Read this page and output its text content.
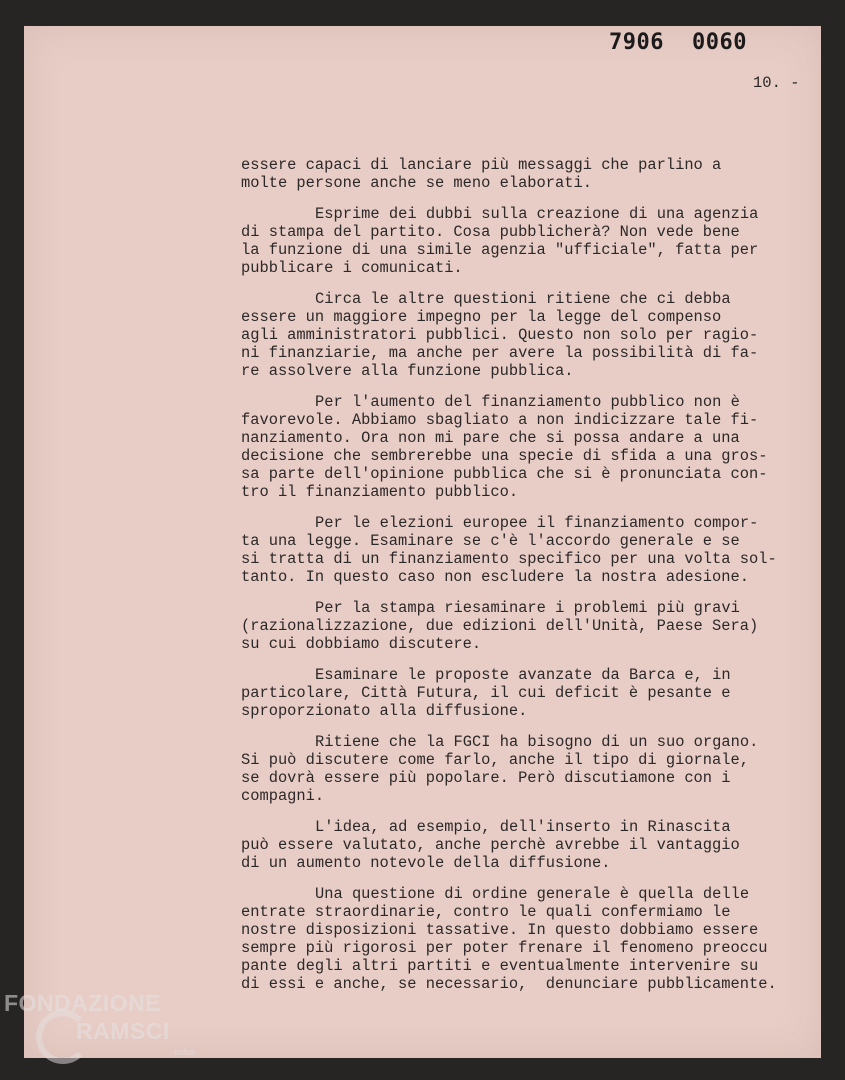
7906 0060
10. -
essere capaci di lanciare più messaggi che parlino a
molte persone anche se meno elaborati.
Esprime dei dubbi sulla creazione di una agenzia
di stampa del partito. Cosa pubblicherà? Non vede bene
la funzione di una simile agenzia "ufficiale", fatta per
pubblicare i comunicati.
Circa le altre questioni ritiene che ci debba
essere un maggiore impegno per la legge del compenso
agli amministratori pubblici. Questo non solo per ragio-
ni finanziarie, ma anche per avere la possibilità di fa-
re assolvere alla funzione pubblica.
Per l'aumento del finanziamento pubblico non è
favorevole. Abbiamo sbagliato a non indicizzare tale fi-
nanziamento. Ora non mi pare che si possa andare a una
decisione che sembrerebbe una specie di sfida a una gros-
sa parte dell'opinione pubblica che si è pronunciata con-
tro il finanziamento pubblico.
Per le elezioni europee il finanziamento compor-
ta una legge. Esaminare se c'è l'accordo generale e se
si tratta di un finanziamento specifico per una volta sol-
tanto. In questo caso non escludere la nostra adesione.
Per la stampa riesaminare i problemi più gravi
(razionalizzazione, due edizioni dell'Unità, Paese Sera)
su cui dobbiamo discutere.
Esaminare le proposte avanzate da Barca e, in
particolare, Città Futura, il cui deficit è pesante e
sproporzionato alla diffusione.
Ritiene che la FGCI ha bisogno di un suo organo.
Si può discutere come farlo, anche il tipo di giornale,
se dovrà essere più popolare. Però discutiamone con i
compagni.
L'idea, ad esempio, dell'inserto in Rinascita
può essere valutato, anche perchè avrebbe il vantaggio
di un aumento notevole della diffusione.
Una questione di ordine generale è quella delle
entrate straordinarie, contro le quali confermiamo le
nostre disposizioni tassative. In questo dobbiamo essere
sempre più rigorosi per poter frenare il fenomeno preoccu
pante degli altri partiti e eventualmente intervenire su
di essi e anche, se necessario,  denunciare pubblicamente.
FONDAZIONE
RAMSCI
onlus
